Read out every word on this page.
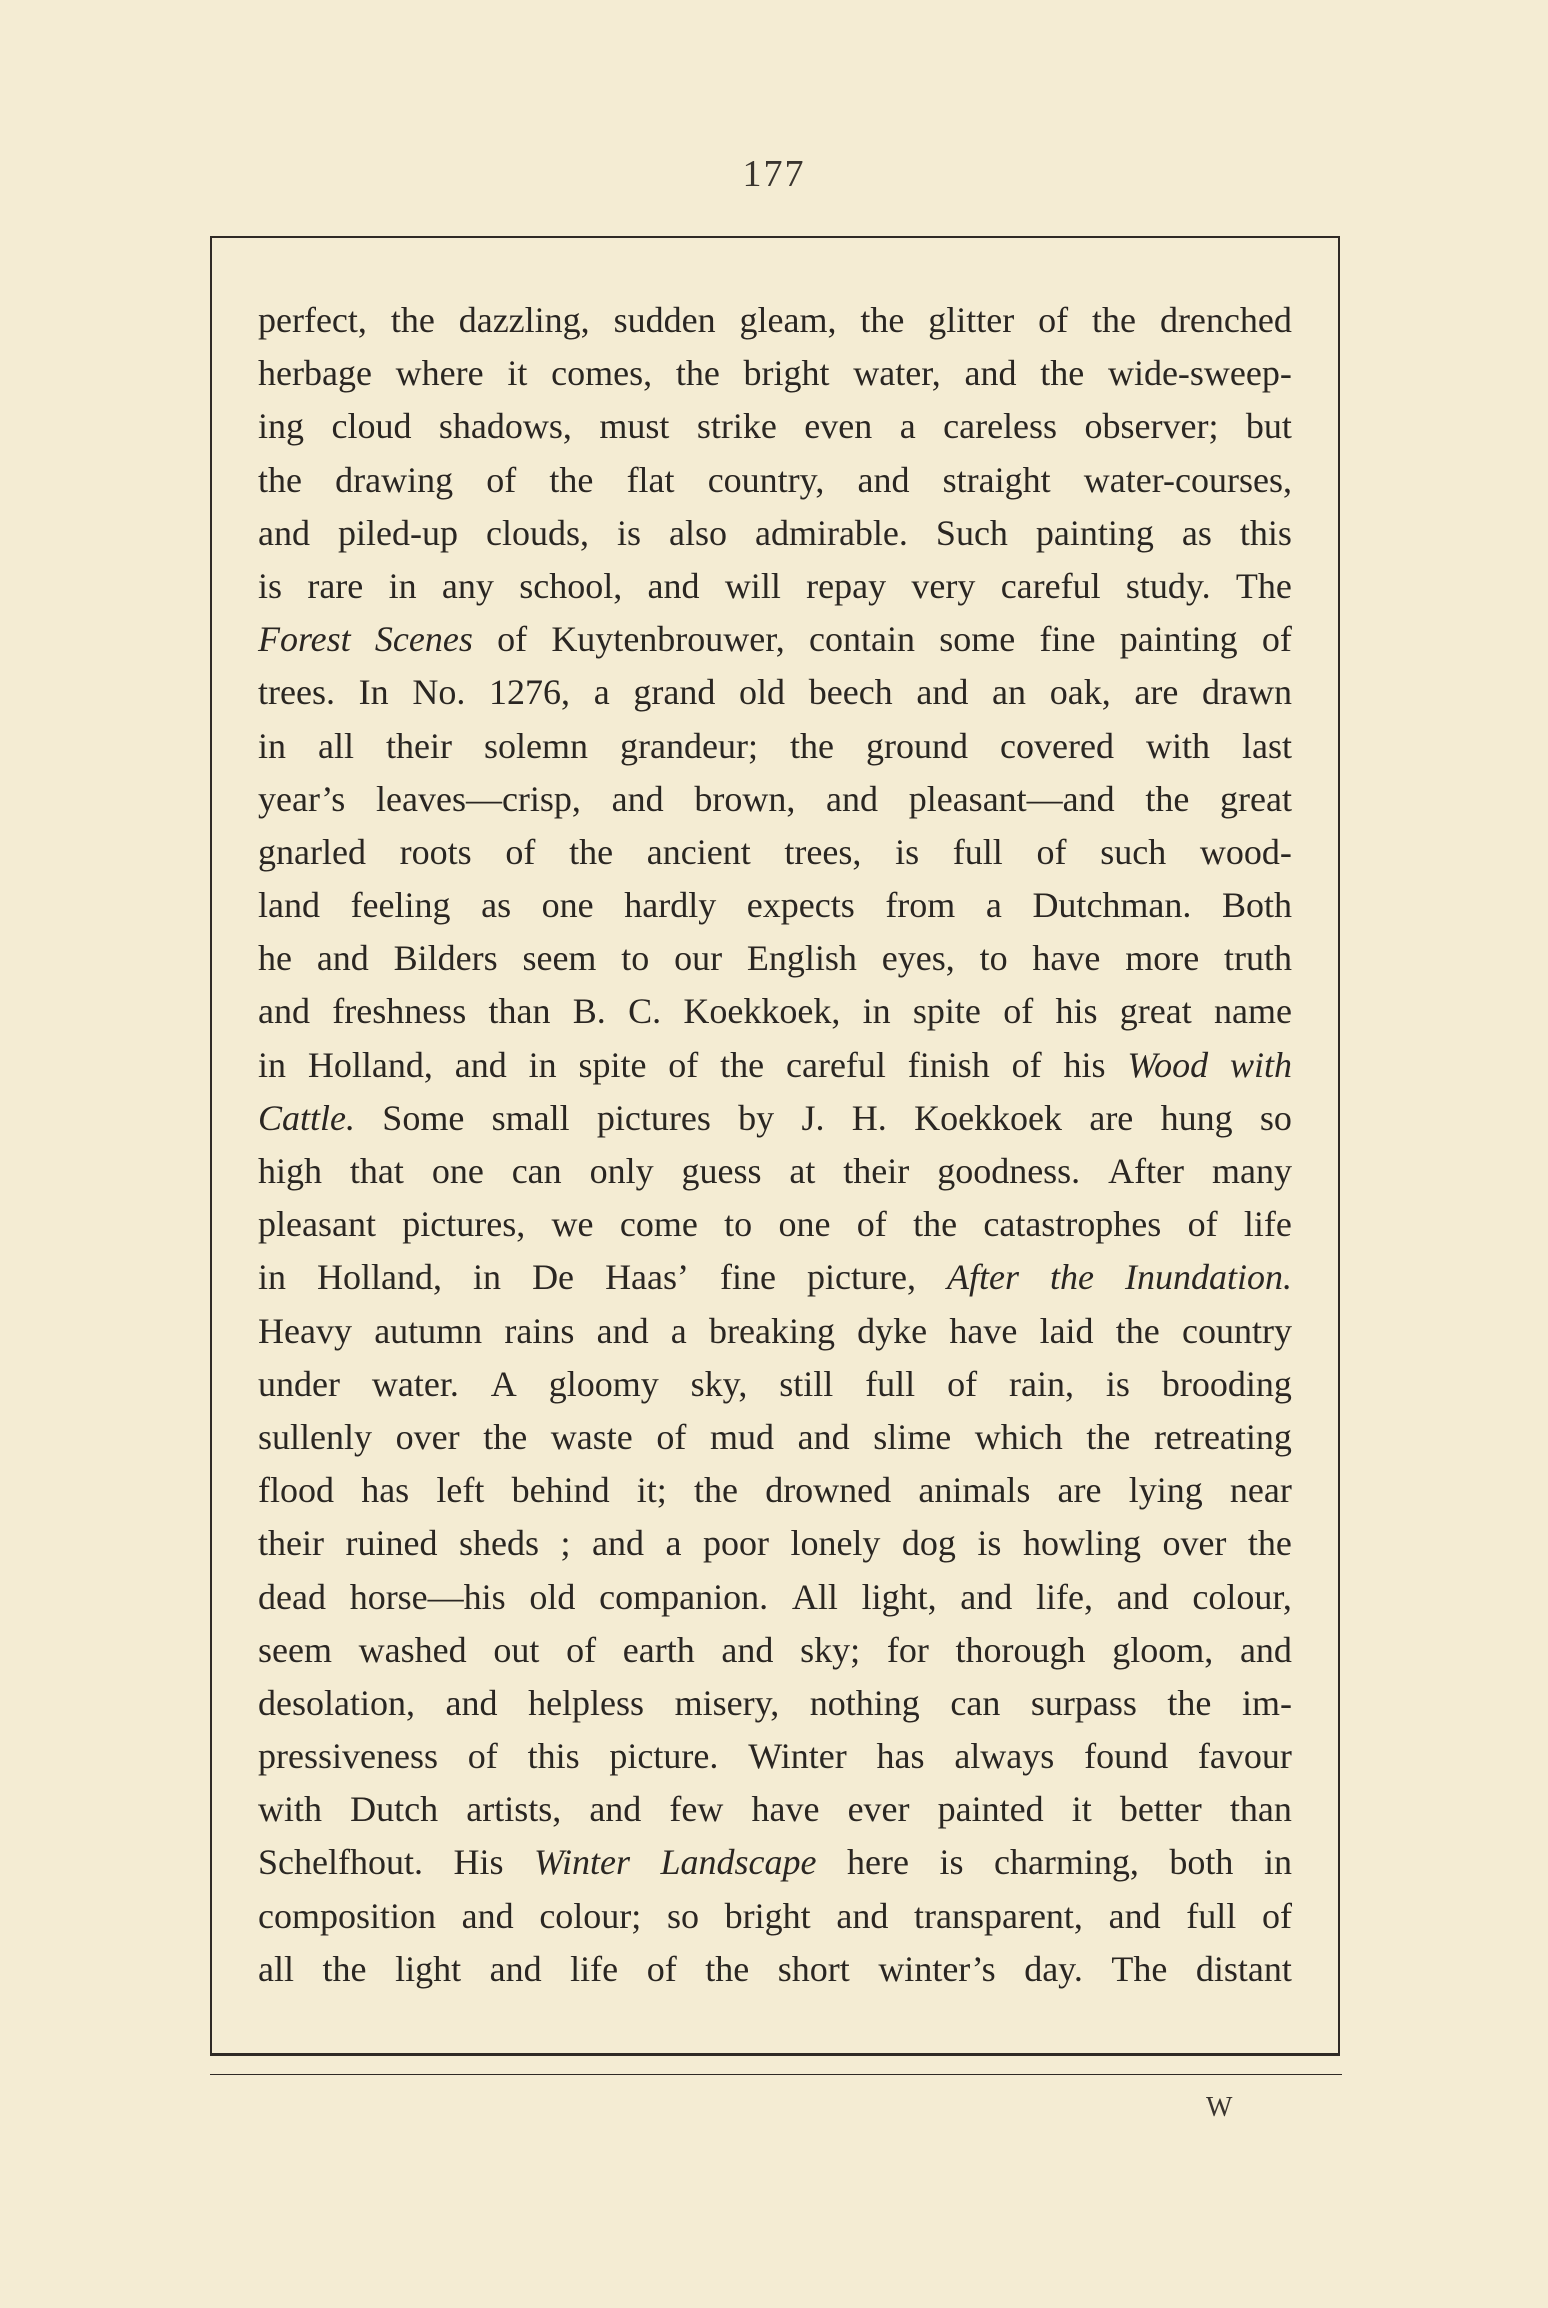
177
perfect, the dazzling, sudden gleam, the glitter of the drenched
herbage where it comes, the bright water, and the wide-sweep-
ing cloud shadows, must strike even a careless observer; but
the drawing of the flat country, and straight water-courses,
and piled-up clouds, is also admirable. Such painting as this
is rare in any school, and will repay very careful study. The
Forest Scenes of Kuytenbrouwer, contain some fine painting of
trees. In No. 1276, a grand old beech and an oak, are drawn
in all their solemn grandeur; the ground covered with last
year’s leaves—crisp, and brown, and pleasant—and the great
gnarled roots of the ancient trees, is full of such wood-
land feeling as one hardly expects from a Dutchman. Both
he and Bilders seem to our English eyes, to have more truth
and freshness than B. C. Koekkoek, in spite of his great name
in Holland, and in spite of the careful finish of his Wood with
Cattle. Some small pictures by J. H. Koekkoek are hung so
high that one can only guess at their goodness. After many
pleasant pictures, we come to one of the catastrophes of life
in Holland, in De Haas’ fine picture, After the Inundation.
Heavy autumn rains and a breaking dyke have laid the country
under water. A gloomy sky, still full of rain, is brooding
sullenly over the waste of mud and slime which the retreating
flood has left behind it; the drowned animals are lying near
their ruined sheds ; and a poor lonely dog is howling over the
dead horse—his old companion. All light, and life, and colour,
seem washed out of earth and sky; for thorough gloom, and
desolation, and helpless misery, nothing can surpass the im-
pressiveness of this picture. Winter has always found favour
with Dutch artists, and few have ever painted it better than
Schelfhout. His Winter Landscape here is charming, both in
composition and colour; so bright and transparent, and full of
all the light and life of the short winter’s day. The distant
W
